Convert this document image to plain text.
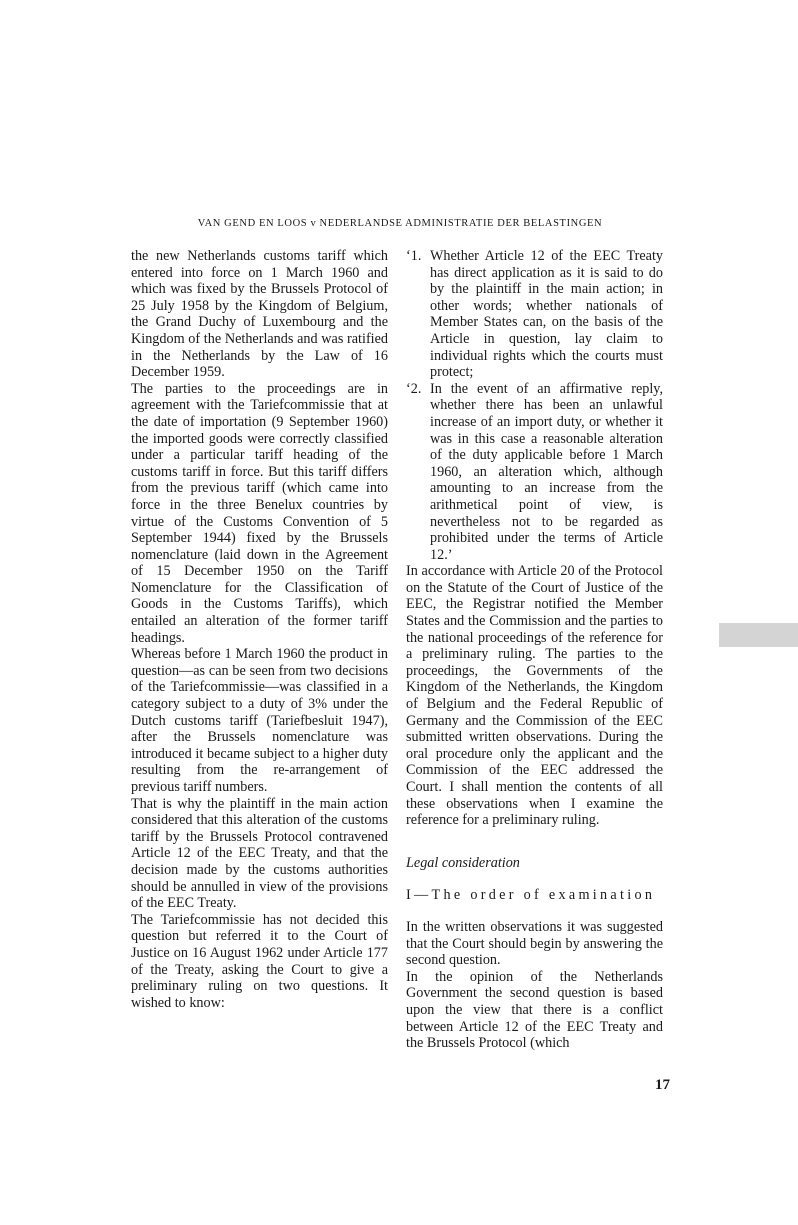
VAN GEND EN LOOS v NEDERLANDSE ADMINISTRATIE DER BELASTINGEN

the new Netherlands customs tariff which entered into force on 1 March 1960 and which was fixed by the Brussels Protocol of 25 July 1958 by the Kingdom of Belgium, the Grand Duchy of Luxembourg and the Kingdom of the Netherlands and was ratified in the Netherlands by the Law of 16 December 1959.

The parties to the proceedings are in agreement with the Tariefcommissie that at the date of importation (9 September 1960) the imported goods were correctly classified under a particular tariff heading of the customs tariff in force. But this tariff differs from the previous tariff (which came into force in the three Benelux countries by virtue of the Customs Convention of 5 September 1944) fixed by the Brussels nomenclature (laid down in the Agreement of 15 December 1950 on the Tariff Nomenclature for the Classification of Goods in the Customs Tariffs), which entailed an alteration of the former tariff headings.

Whereas before 1 March 1960 the product in question—as can be seen from two decisions of the Tariefcommissie—was classified in a category subject to a duty of 3% under the Dutch customs tariff (Tariefbesluit 1947), after the Brussels nomenclature was introduced it became subject to a higher duty resulting from the re-arrangement of previous tariff numbers.

That is why the plaintiff in the main action considered that this alteration of the customs tariff by the Brussels Protocol contravened Article 12 of the EEC Treaty, and that the decision made by the customs authorities should be annulled in view of the provisions of the EEC Treaty.

The Tariefcommissie has not decided this question but referred it to the Court of Justice on 16 August 1962 under Article 177 of the Treaty, asking the Court to give a preliminary ruling on two questions. It wished to know:

‘1. Whether Article 12 of the EEC Treaty has direct application as it is said to do by the plaintiff in the main action; in other words; whether nationals of Member States can, on the basis of the Article in question, lay claim to individual rights which the courts must protect;
‘2. In the event of an affirmative reply, whether there has been an unlawful increase of an import duty, or whether it was in this case a reasonable alteration of the duty applicable before 1 March 1960, an alteration which, although amounting to an increase from the arithmetical point of view, is nevertheless not to be regarded as prohibited under the terms of Article 12.’

In accordance with Article 20 of the Protocol on the Statute of the Court of Justice of the EEC, the Registrar notified the Member States and the Commission and the parties to the national proceedings of the reference for a preliminary ruling. The parties to the proceedings, the Governments of the Kingdom of the Netherlands, the Kingdom of Belgium and the Federal Republic of Germany and the Commission of the EEC submitted written observations. During the oral procedure only the applicant and the Commission of the EEC addressed the Court. I shall mention the contents of all these observations when I examine the reference for a preliminary ruling.

Legal consideration

I—The order of examination

In the written observations it was suggested that the Court should begin by answering the second question.

In the opinion of the Netherlands Government the second question is based upon the view that there is a conflict between Article 12 of the EEC Treaty and the Brussels Protocol (which

17
